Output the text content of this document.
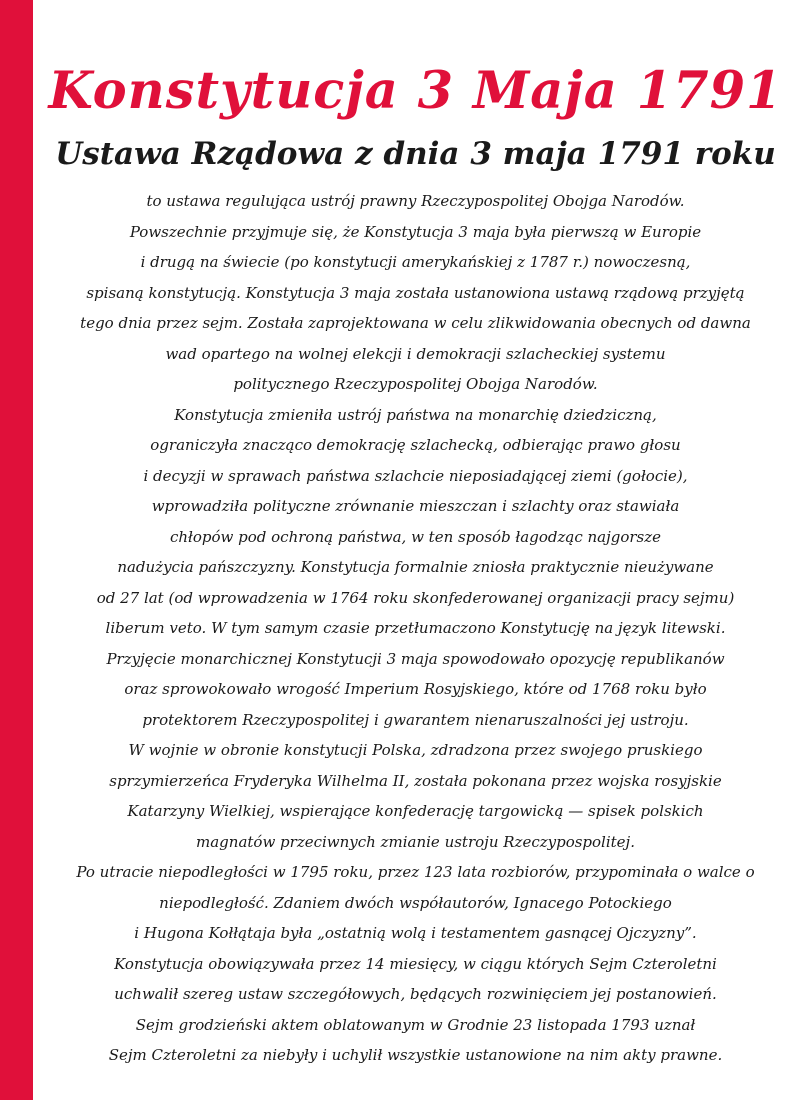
Konstytucja 3 Maja 1791
Ustawa Rządowa z dnia 3 maja 1791 roku
to ustawa regulująca ustrój prawny Rzeczypospolitej Obojga Narodów.
Powszechnie przyjmuje się, że Konstytucja 3 maja była pierwszą w Europie
i drugą na świecie (po konstytucji amerykańskiej z 1787 r.) nowoczesną,
spisaną konstytucją. Konstytucja 3 maja została ustanowiona ustawą rządową przyjętą
tego dnia przez sejm. Została zaprojektowana w celu zlikwidowania obecnych od dawna
wad opartego na wolnej elekcji i demokracji szlacheckiej systemu
politycznego Rzeczypospolitej Obojga Narodów.
Konstytucja zmieniła ustrój państwa na monarchię dziedziczną,
ograniczyła znacząco demokrację szlachecką, odbierając prawo głosu
i decyzji w sprawach państwa szlachcie nieposiadającej ziemi (gołocie),
wprowadziła polityczne zrównanie mieszczan i szlachty oraz stawiała
chłopów pod ochroną państwa, w ten sposób łagodząc najgorsze
nadużycia pańszczyzny. Konstytucja formalnie zniosła praktycznie nieużywane
od 27 lat (od wprowadzenia w 1764 roku skonfederowanej organizacji pracy sejmu)
liberum veto. W tym samym czasie przetłumaczono Konstytucję na język litewski.
Przyjęcie monarchicznej Konstytucji 3 maja spowodowało opozycję republikanów
oraz sprowokowało wrogość Imperium Rosyjskiego, które od 1768 roku było
protektorem Rzeczypospolitej i gwarantem nienaruszalności jej ustroju.
W wojnie w obronie konstytucji Polska, zdradzona przez swojego pruskiego
sprzymierzeńca Fryderyka Wilhelma II, została pokonana przez wojska rosyjskie
Katarzyny Wielkiej, wspierające konfederację targowicką — spisek polskich
magnatów przeciwnych zmianie ustroju Rzeczypospolitej.
Po utracie niepodległości w 1795 roku, przez 123 lata rozbiorów, przypominała o walce o
niepodległość. Zdaniem dwóch współautorów, Ignacego Potockiego
i Hugona Kołłątaja była „ostatnią wolą i testamentem gasnącej Ojczyzny”.
Konstytucja obowiązywała przez 14 miesięcy, w ciągu których Sejm Czteroletni
uchwalił szereg ustaw szczegółowych, będących rozwinięciem jej postanowień.
Sejm grodzieński aktem oblatowanym w Grodnie 23 listopada 1793 uznał
Sejm Czteroletni za niebyły i uchylił wszystkie ustanowione na nim akty prawne.
